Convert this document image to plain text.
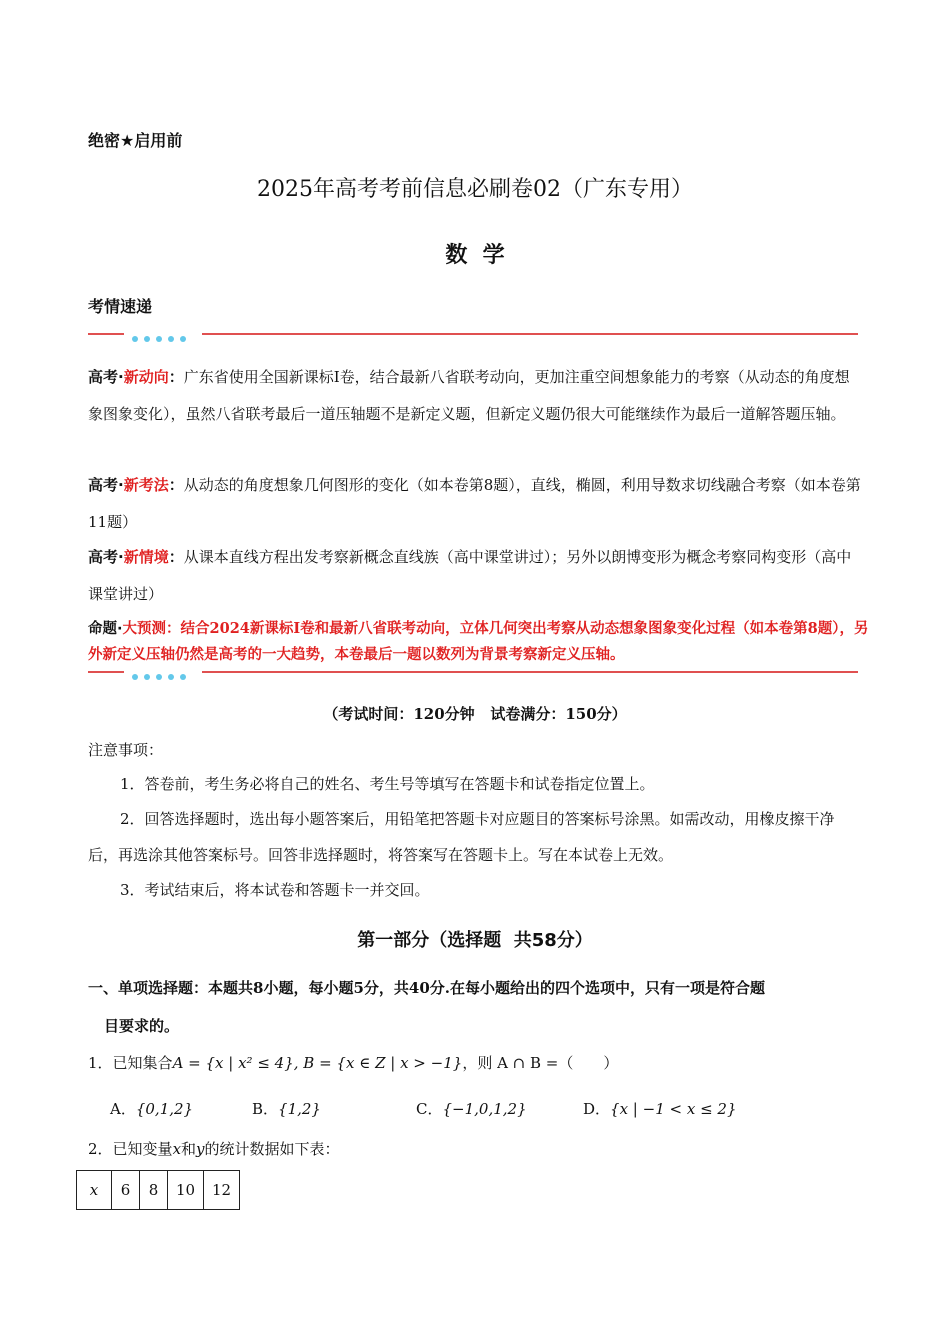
绝密★启用前
2025年高考考前信息必刷卷02（广东专用）
数  学
考情速递
高考·新动向：广东省使用全国新课标Ⅰ卷，结合最新八省联考动向，更加注重空间想象能力的考察（从动态的角度想象图象变化），虽然八省联考最后一道压轴题不是新定义题，但新定义题仍很大可能继续作为最后一道解答题压轴。
高考·新考法：从动态的角度想象几何图形的变化（如本卷第8题），直线，椭圆，利用导数求切线融合考察（如本卷第11题）
高考·新情境：从课本直线方程出发考察新概念直线族（高中课堂讲过）；另外以朗博变形为概念考察同构变形（高中课堂讲过）
命题·大预测：结合2024新课标Ⅰ卷和最新八省联考动向，立体几何突出考察从动态想象图象变化过程（如本卷第8题），另外新定义压轴仍然是高考的一大趋势，本卷最后一题以数列为背景考察新定义压轴。
（考试时间：120分钟   试卷满分：150分）
注意事项：
1．答卷前，考生务必将自己的姓名、考生号等填写在答题卡和试卷指定位置上。
2．回答选择题时，选出每小题答案后，用铅笔把答题卡对应题目的答案标号涂黑。如需改动，用橡皮擦干净后，再选涂其他答案标号。回答非选择题时，将答案写在答题卡上。写在本试卷上无效。
3．考试结束后，将本试卷和答题卡一并交回。
第一部分（选择题  共58分）
一、单项选择题：本题共8小题，每小题5分，共40分.在每小题给出的四个选项中，只有一项是符合题
目要求的。
1．已知集合A = {x | x² ≤ 4}, B = {x ∈ Z | x > −1}，则 A ∩ B =（　　）
A．{0,1,2}	B．{1,2}	C．{−1,0,1,2}	D．{x | −1 < x ≤ 2}
2．已知变量x和y的统计数据如下表：
x	6	8	10	12
